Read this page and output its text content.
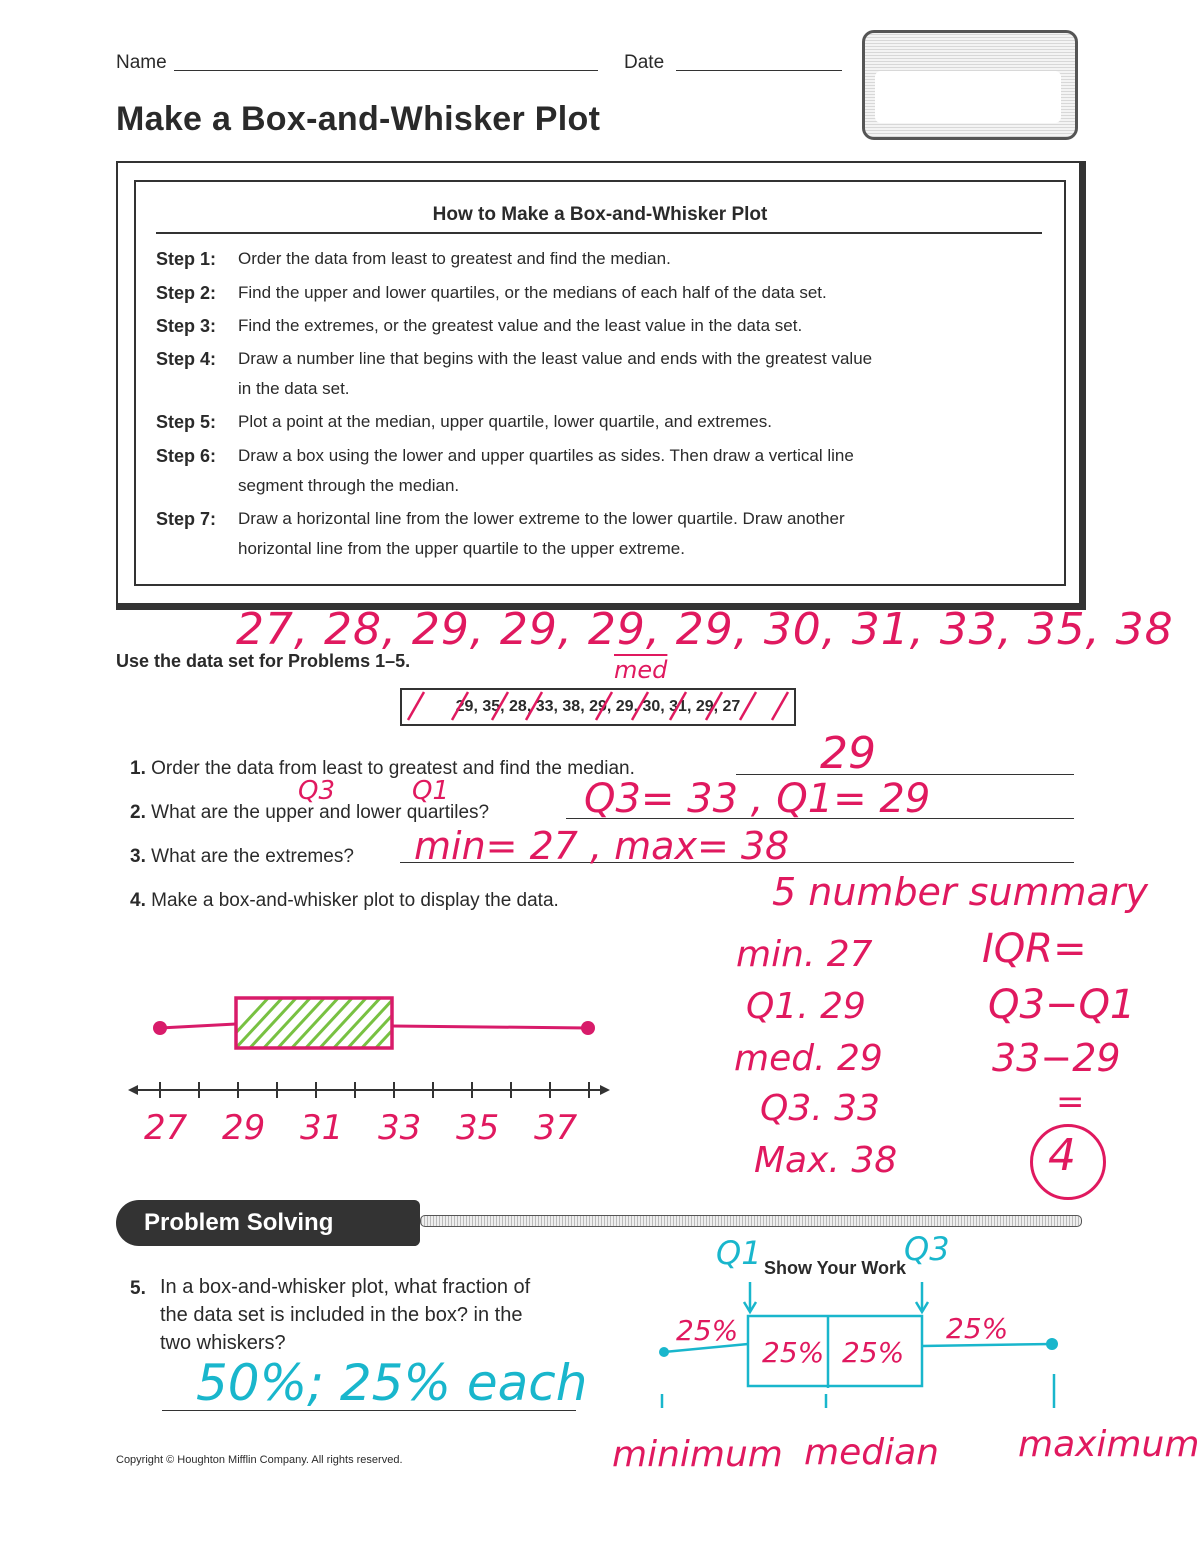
Name	Date
Make a Box-and-Whisker Plot
How to Make a Box-and-Whisker Plot
Step 1: Order the data from least to greatest and find the median.
Step 2: Find the upper and lower quartiles, or the medians of each half of the data set.
Step 3: Find the extremes, or the greatest value and the least value in the data set.
Step 4: Draw a number line that begins with the least value and ends with the greatest value
in the data set.
Step 5: Plot a point at the median, upper quartile, lower quartile, and extremes.
Step 6: Draw a box using the lower and upper quartiles as sides. Then draw a vertical line
segment through the median.
Step 7: Draw a horizontal line from the lower extreme to the lower quartile. Draw another
horizontal line from the upper quartile to the upper extreme.
27, 28, 29, 29, 29, 29, 30, 31, 33, 35, 38
$\overline{med}$
Use the data set for Problems 1–5.
29, 35, 28, 33, 38, 29, 29, 30, 31, 29, 27
1. Order the data from least to greatest and find the median.	29
2. What are the upper and lower quartiles?
Q3	Q1	Q3= 33 , Q1= 29
3. What are the extremes? min= 27 , max= 38
4. Make a box-and-whisker plot to display the data.
27 29 31 33 35 37
5 number summary
min. 27
Q1. 29
med. 29
Q3. 33
Max. 38
IQR=
Q3−Q1
33−29
=
4
Problem Solving
5. In a box-and-whisker plot, what fraction of
the data set is included in the box? in the
two whiskers?
50%; 25% each
Show Your Work
Q1	Q3
25%
25% 25%
25%
minimum median maximum
Copyright © Houghton Mifflin Company. All rights reserved.
